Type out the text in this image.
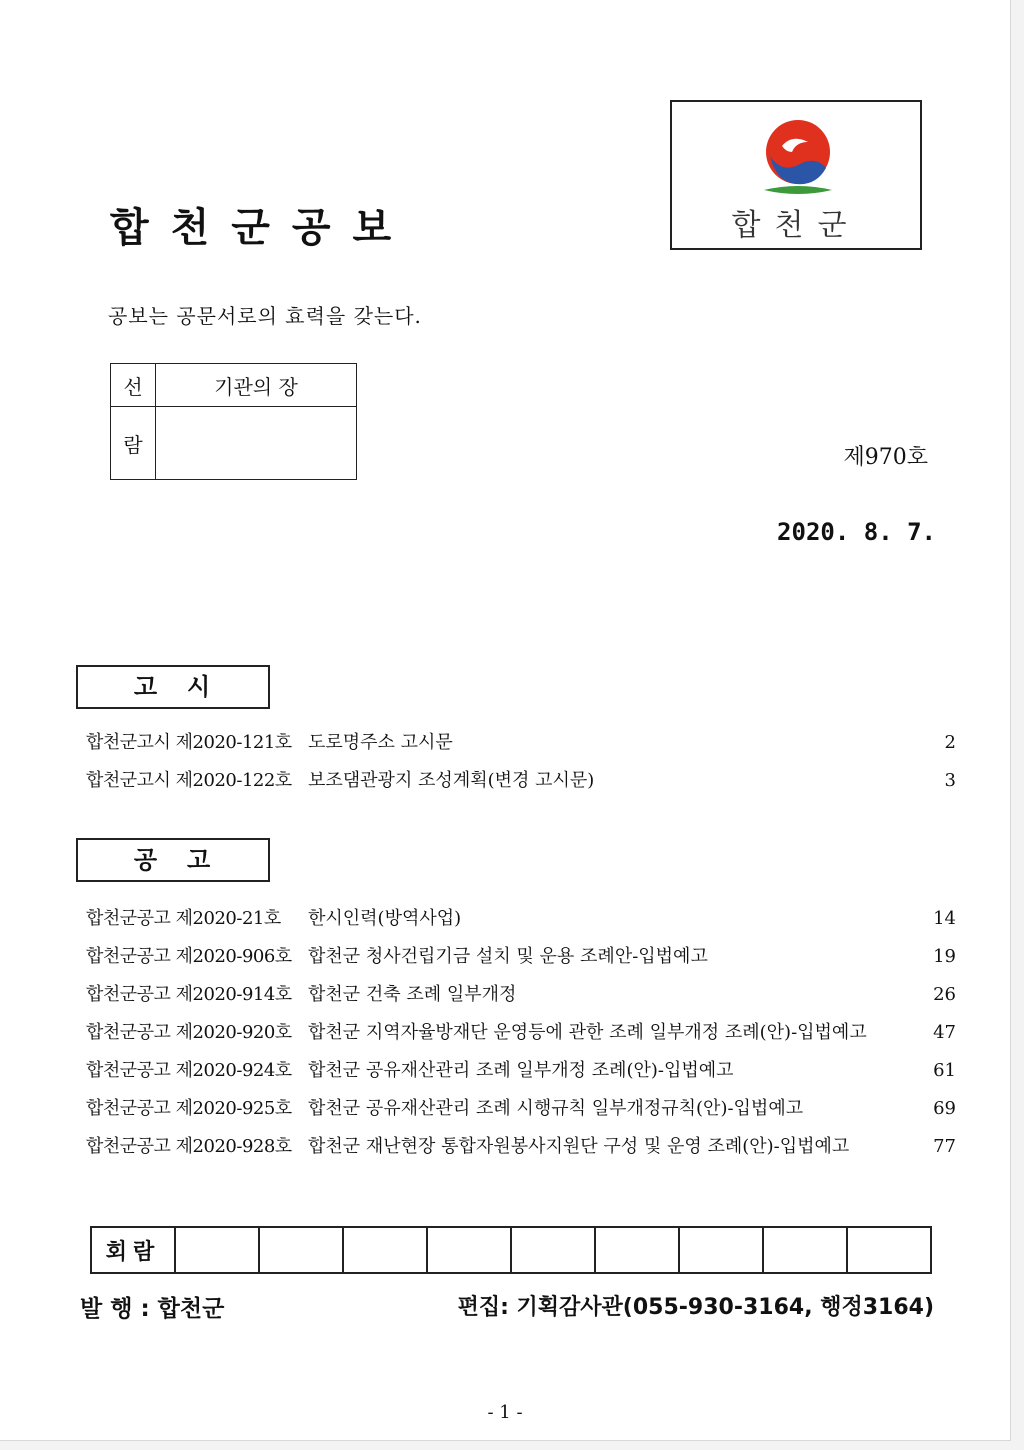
합천군공보	합천군
공보는 공문서로의 효력을 갖는다.
선	기관의 장
람	
제970호
2020. 8. 7.
고시
합천군고시 제2020-121호 도로명주소 고시문	2
합천군고시 제2020-122호 보조댐관광지 조성계획(변경 고시문)	3
공고
합천군공고 제2020-21호	한시인력(방역사업)	14
합천군공고 제2020-906호 합천군 청사건립기금 설치 및 운용 조례안-입법예고	19
합천군공고 제2020-914호 합천군 건축 조례 일부개정	26
합천군공고 제2020-920호 합천군 지역자율방재단 운영등에 관한 조례 일부개정 조례(안)-입법예고	47
합천군공고 제2020-924호 합천군 공유재산관리 조례 일부개정 조례(안)-입법예고	61
합천군공고 제2020-925호 합천군 공유재산관리 조례 시행규칙 일부개정규칙(안)-입법예고	69
합천군공고 제2020-928호 합천군 재난현장 통합자원봉사지원단 구성 및 운영 조례(안)-입법예고	77
회람									
발 행 : 합천군	편집: 기획감사관(055-930-3164, 행정3164)
- 1 -
